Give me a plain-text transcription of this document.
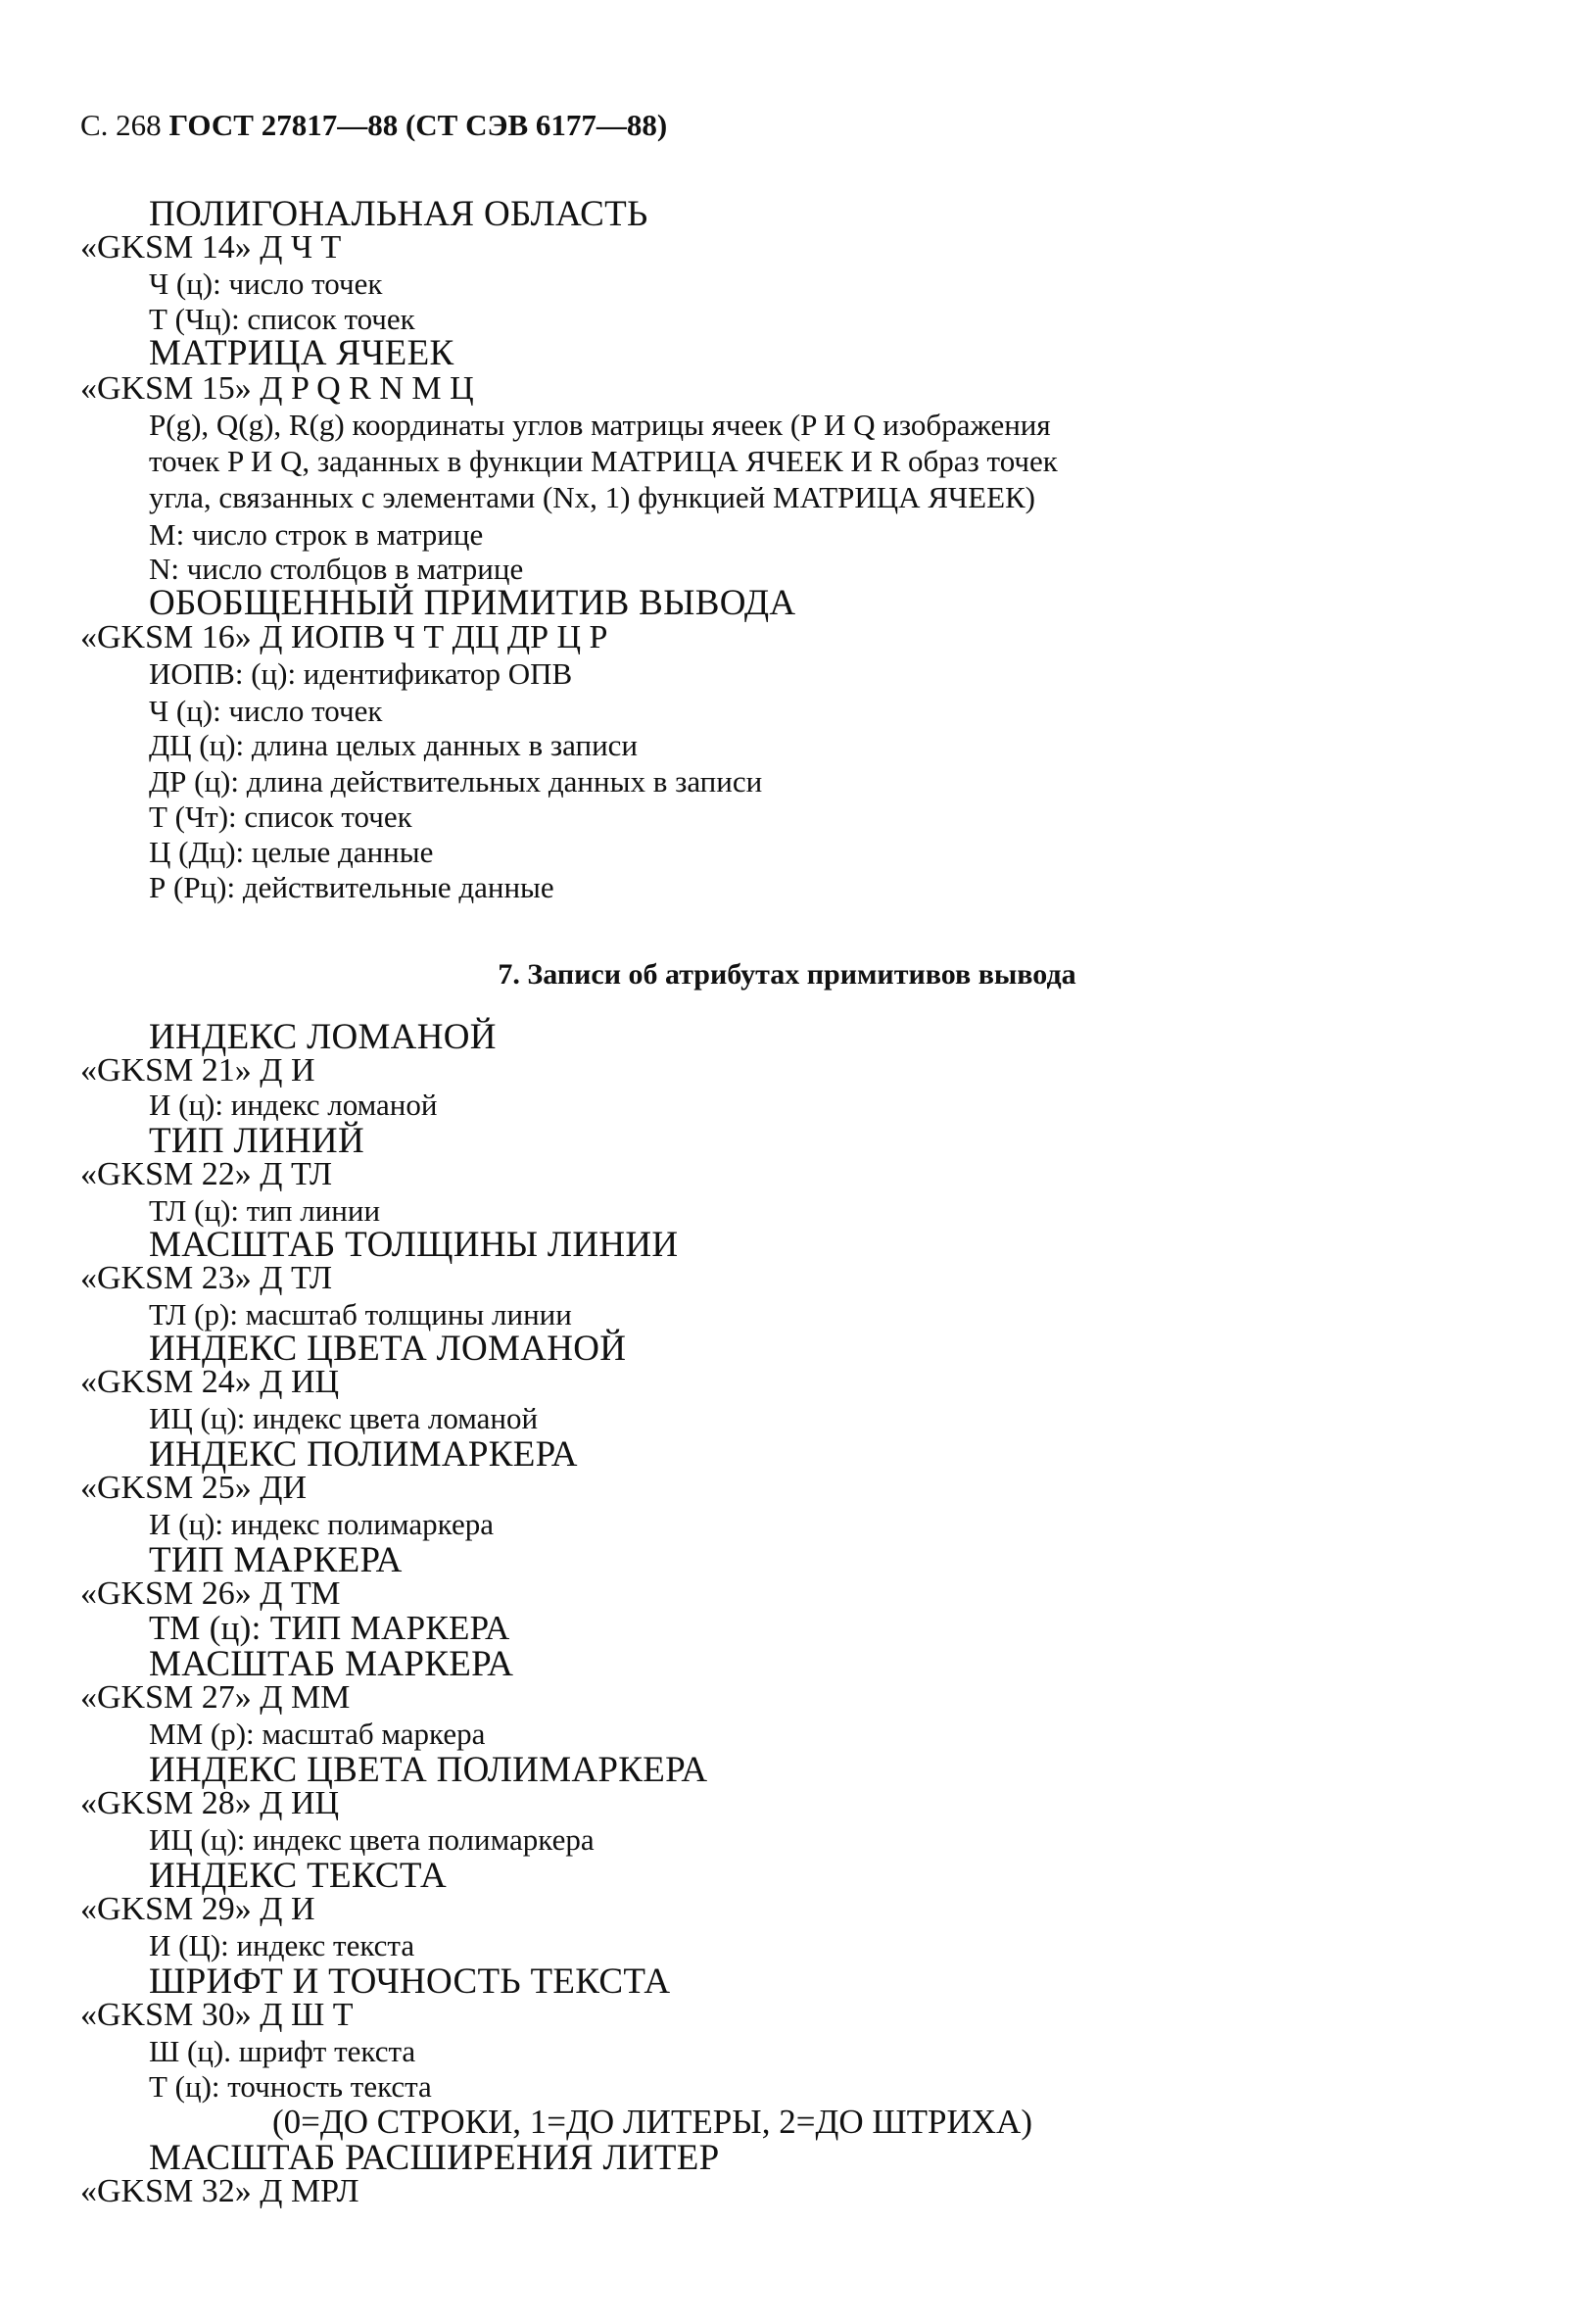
С. 268 ГОСТ 27817—88 (СТ СЭВ 6177—88)
ПОЛИГОНАЛЬНАЯ ОБЛАСТЬ
«GKSM 14» Д Ч Т
Ч (ц): число точек
Т (Чц): список точек
МАТРИЦА ЯЧЕЕК
«GKSM 15» Д P Q R N M Ц
P(g), Q(g), R(g) координаты углов матрицы ячеек (P И Q изображения
точек P И Q, заданных в функции МАТРИЦА ЯЧЕЕК И R образ точек
угла, связанных с элементами (Nx, 1) функцией МАТРИЦА ЯЧЕЕК)
M: число строк в матрице
N: число столбцов в матрице
ОБОБЩЕННЫЙ ПРИМИТИВ ВЫВОДА
«GKSM 16» Д ИОПВ Ч Т ДЦ ДР Ц Р
ИОПВ: (ц): идентификатор ОПВ
Ч (ц): число точек
ДЦ (ц): длина целых данных в записи
ДР (ц): длина действительных данных в записи
Т (Чт): список точек
Ц (Дц): целые данные
Р (Рц): действительные данные
7. Записи об атрибутах примитивов вывода
ИНДЕКС ЛОМАНОЙ
«GKSM 21» Д И
И (ц): индекс ломаной
ТИП ЛИНИЙ
«GKSM 22» Д ТЛ
ТЛ (ц): тип линии
МАСШТАБ ТОЛЩИНЫ ЛИНИИ
«GKSM 23» Д ТЛ
ТЛ (р): масштаб толщины линии
ИНДЕКС ЦВЕТА ЛОМАНОЙ
«GKSM 24» Д ИЦ
ИЦ (ц): индекс цвета ломаной
ИНДЕКС ПОЛИМАРКЕРА
«GKSM 25» ДИ
И (ц): индекс полимаркера
ТИП МАРКЕРА
«GKSM 26» Д ТМ
ТМ (ц): ТИП МАРКЕРА
МАСШТАБ МАРКЕРА
«GKSM 27» Д ММ
ММ (р): масштаб маркера
ИНДЕКС ЦВЕТА ПОЛИМАРКЕРА
«GKSM 28» Д ИЦ
ИЦ (ц): индекс цвета полимаркера
ИНДЕКС ТЕКСТА
«GKSM 29» Д И
И (Ц): индекс текста
ШРИФТ И ТОЧНОСТЬ ТЕКСТА
«GKSM 30» Д Ш Т
Ш (ц). шрифт текста
Т (ц): точность текста
(0=ДО СТРОКИ, 1=ДО ЛИТЕРЫ, 2=ДО ШТРИХА)
МАСШТАБ РАСШИРЕНИЯ ЛИТЕР
«GKSM 32» Д МРЛ
